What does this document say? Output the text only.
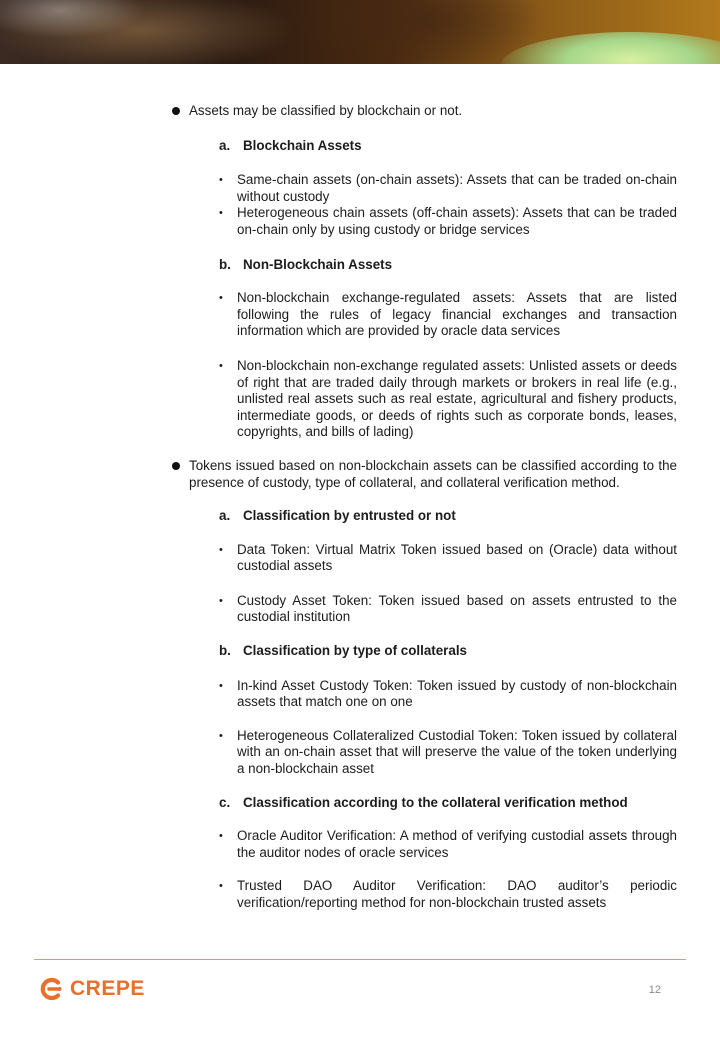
Assets may be classified by blockchain or not.
a. Blockchain Assets
• Same-chain assets (on-chain assets): Assets that can be traded on-chain without custody
• Heterogeneous chain assets (off-chain assets): Assets that can be traded on-chain only by using custody or bridge services
b. Non-Blockchain Assets
• Non-blockchain exchange-regulated assets: Assets that are listed following the rules of legacy financial exchanges and transaction information which are provided by oracle data services
• Non-blockchain non-exchange regulated assets: Unlisted assets or deeds of right that are traded daily through markets or brokers in real life (e.g., unlisted real assets such as real estate, agricultural and fishery products, intermediate goods, or deeds of rights such as corporate bonds, leases, copyrights, and bills of lading)
Tokens issued based on non-blockchain assets can be classified according to the presence of custody, type of collateral, and collateral verification method.
a. Classification by entrusted or not
• Data Token: Virtual Matrix Token issued based on (Oracle) data without custodial assets
• Custody Asset Token: Token issued based on assets entrusted to the custodial institution
b. Classification by type of collaterals
• In-kind Asset Custody Token: Token issued by custody of non-blockchain assets that match one on one
• Heterogeneous Collateralized Custodial Token: Token issued by collateral with an on-chain asset that will preserve the value of the token underlying a non-blockchain asset
c. Classification according to the collateral verification method
• Oracle Auditor Verification: A method of verifying custodial assets through the auditor nodes of oracle services
• Trusted DAO Auditor Verification: DAO auditor’s periodic verification/reporting method for non-blockchain trusted assets
CREPE	12
